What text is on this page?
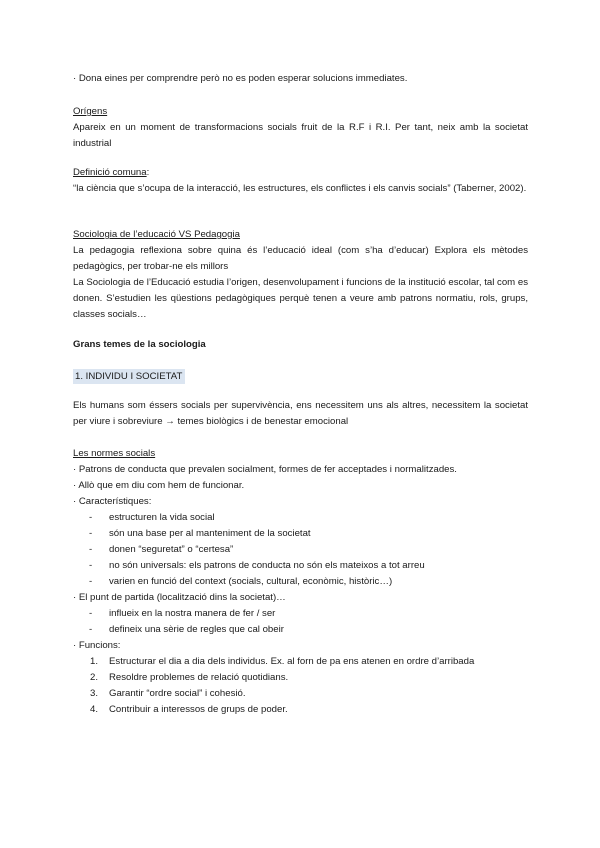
· Dona eines per comprendre però no es poden esperar solucions immediates.

Orígens

Apareix en un moment de transformacions socials fruit de la R.F i R.I. Per tant, neix amb la societat industrial

Definició comuna:

“la ciència que s’ocupa de la interacció, les estructures, els conflictes i els canvis socials” (Taberner, 2002).

Sociologia de l’educació VS Pedagogia

La pedagogia reflexiona sobre quina és l’educació ideal (com s’ha d’educar) Explora els mètodes pedagògics, per trobar-ne els millors

La Sociologia de l’Educació estudia l’origen, desenvolupament i funcions de la institució escolar, tal com es donen. S’estudien les qüestions pedagògiques perquè tenen a veure amb patrons normatiu, rols, grups, classes socials…

Grans temes de la sociologia

1. INDIVIDU I SOCIETAT

Els humans som éssers socials per supervivència, ens necessitem uns als altres, necessitem la societat per viure i sobreviure → temes biològics i de benestar emocional

Les normes socials

· Patrons de conducta que prevalen socialment, formes de fer acceptades i normalitzades.

· Allò que em diu com hem de funcionar.

· Característiques:

- estructuren la vida social
- són una base per al manteniment de la societat
- donen “seguretat” o “certesa”
- no són universals: els patrons de conducta no són els mateixos a tot arreu
- varien en funció del context (socials, cultural, econòmic, històric…)

· El punt de partida (localització dins la societat)…

- influeix en la nostra manera de fer / ser
- defineix una sèrie de regles que cal obeir

· Funcions:

1. Estructurar el dia a dia dels individus. Ex. al forn de pa ens atenen en ordre d’arribada
2. Resoldre problemes de relació quotidians.
3. Garantir “ordre social” i cohesió.
4. Contribuir a interessos de grups de poder.
